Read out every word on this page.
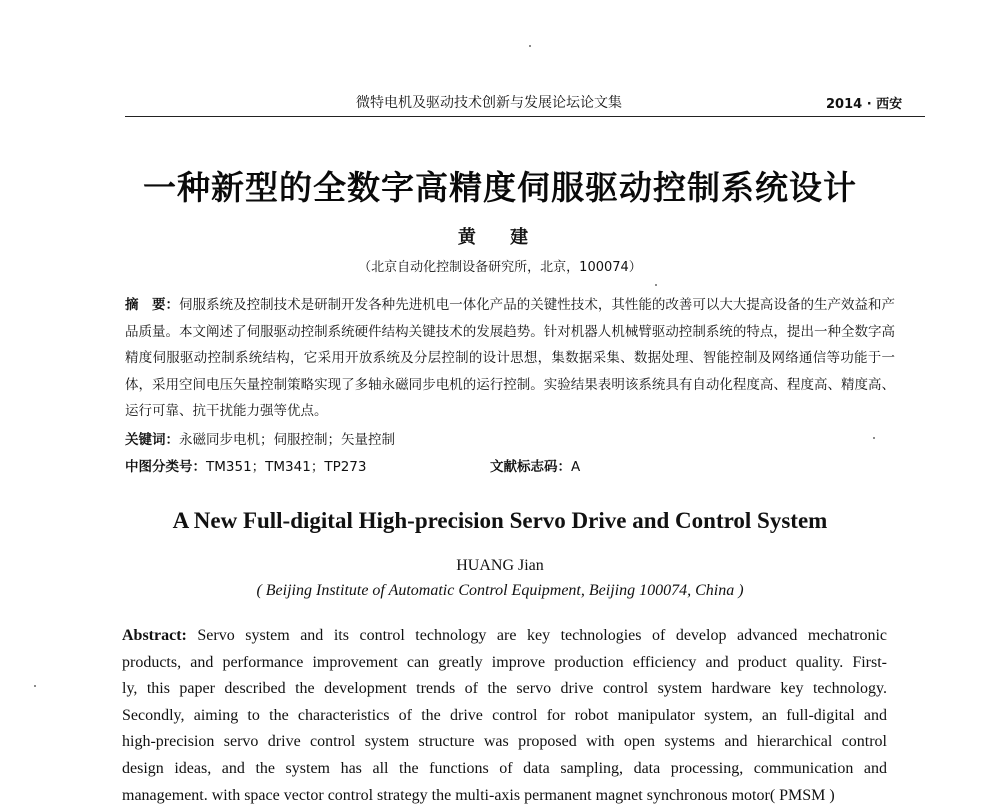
微特电机及驱动技术创新与发展论坛论文集	2014 · 西安
一种新型的全数字高精度伺服驱动控制系统设计
黄 建
（北京自动化控制设备研究所，北京，100074）
摘　要：伺服系统及控制技术是研制开发各种先进机电一体化产品的关键性技术，其性能的改善可以大大提高设备的生产效益和产品质量。本文阐述了伺服驱动控制系统硬件结构关键技术的发展趋势。针对机器人机械臂驱动控制系统的特点，提出一种全数字高精度伺服驱动控制系统结构，它采用开放系统及分层控制的设计思想，集数据采集、数据处理、智能控制及网络通信等功能于一体，采用空间电压矢量控制策略实现了多轴永磁同步电机的运行控制。实验结果表明该系统具有自动化程度高、程度高、精度高、运行可靠、抗干扰能力强等优点。
关键词：永磁同步电机；伺服控制；矢量控制
中图分类号：TM351；TM341；TP273	文献标志码：A
A New Full-digital High-precision Servo Drive and Control System
HUANG Jian
( Beijing Institute of Automatic Control Equipment, Beijing 100074, China )
Abstract: Servo system and its control technology are key technologies of develop advanced mechatronic
products, and performance improvement can greatly improve production efficiency and product quality. First-
ly, this paper described the development trends of the servo drive control system hardware key technology.
Secondly, aiming to the characteristics of the drive control for robot manipulator system, an full-digital and
high-precision servo drive control system structure was proposed with open systems and hierarchical control
design ideas, and the system has all the functions of data sampling, data processing, communication and
management. with space vector control strategy the multi-axis permanent magnet synchronous motor( PMSM )
